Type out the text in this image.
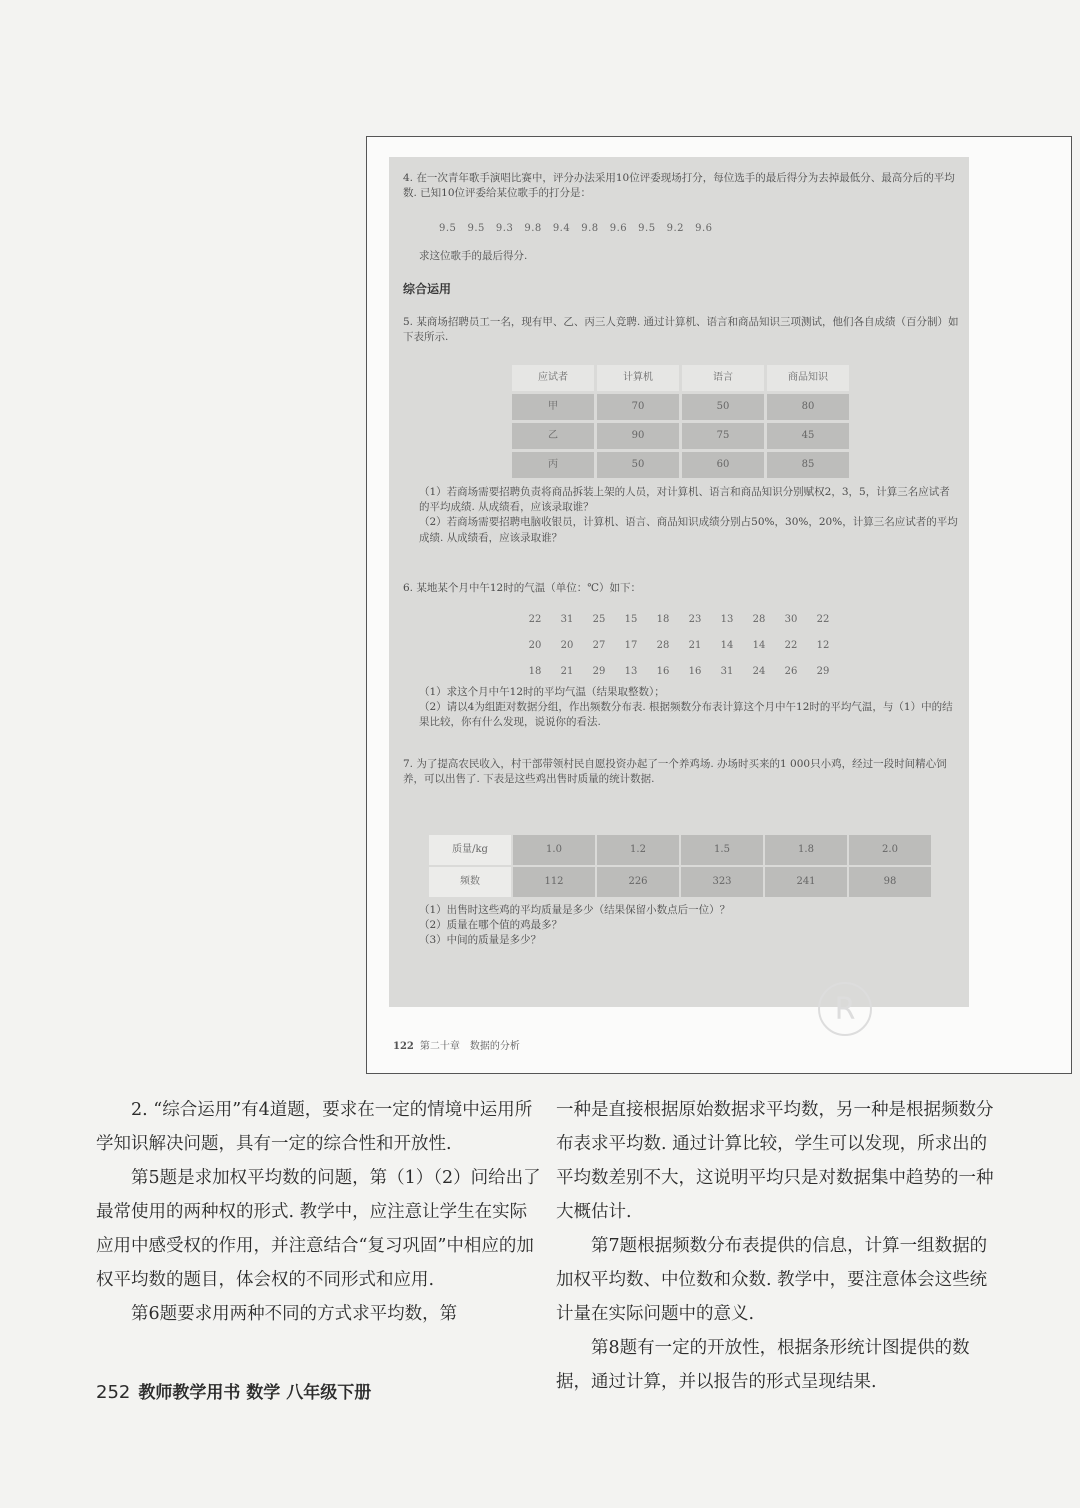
4. 在一次青年歌手演唱比赛中，评分办法采用10位评委现场打分，每位选手的最后得分为去掉最低分、最高分后的平均数. 已知10位评委给某位歌手的打分是：

9.5 9.5 9.3 9.8 9.4 9.8 9.6 9.5 9.2 9.6

求这位歌手的最后得分.

综合运用

5. 某商场招聘员工一名，现有甲、乙、丙三人竞聘. 通过计算机、语言和商品知识三项测试，他们各自成绩（百分制）如下表所示.

应试者	计算机	语言	商品知识
甲	70	50	80
乙	90	75	45
丙	50	60	85

（1）若商场需要招聘负责将商品拆装上架的人员，对计算机、语言和商品知识分别赋权2，3，5，计算三名应试者的平均成绩. 从成绩看，应该录取谁？

（2）若商场需要招聘电脑收银员，计算机、语言、商品知识成绩分别占50%，30%，20%，计算三名应试者的平均成绩. 从成绩看，应该录取谁？

6. 某地某个月中午12时的气温（单位：℃）如下：

22	31	25	15	18	23	13	28	30	22
20	20	27	17	28	21	14	14	22	12
18	21	29	13	16	16	31	24	26	29

（1）求这个月中午12时的平均气温（结果取整数）；

（2）请以4为组距对数据分组，作出频数分布表. 根据频数分布表计算这个月中午12时的平均气温，与（1）中的结果比较，你有什么发现，说说你的看法.

7. 为了提高农民收入，村干部带领村民自愿投资办起了一个养鸡场. 办场时买来的1 000只小鸡，经过一段时间精心饲养，可以出售了. 下表是这些鸡出售时质量的统计数据.

质量/kg	1.0	1.2	1.5	1.8	2.0
频数	112	226	323	241	98

（1）出售时这些鸡的平均质量是多少（结果保留小数点后一位）？

（2）质量在哪个值的鸡最多？

（3）中间的质量是多少？

R
122 第二十章　数据的分析

2. “综合运用”有4道题，要求在一定的情境中运用所学知识解决问题，具有一定的综合性和开放性.

第5题是求加权平均数的问题，第（1）（2）问给出了最常使用的两种权的形式. 教学中，应注意让学生在实际应用中感受权的作用，并注意结合“复习巩固”中相应的加权平均数的题目，体会权的不同形式和应用.

第6题要求用两种不同的方式求平均数，第

一种是直接根据原始数据求平均数，另一种是根据频数分布表求平均数. 通过计算比较，学生可以发现，所求出的平均数差别不大，这说明平均只是对数据集中趋势的一种大概估计.

第7题根据频数分布表提供的信息，计算一组数据的加权平均数、中位数和众数. 教学中，要注意体会这些统计量在实际问题中的意义.

第8题有一定的开放性，根据条形统计图提供的数据，通过计算，并以报告的形式呈现结果.

252 教师教学用书 数学 八年级下册
